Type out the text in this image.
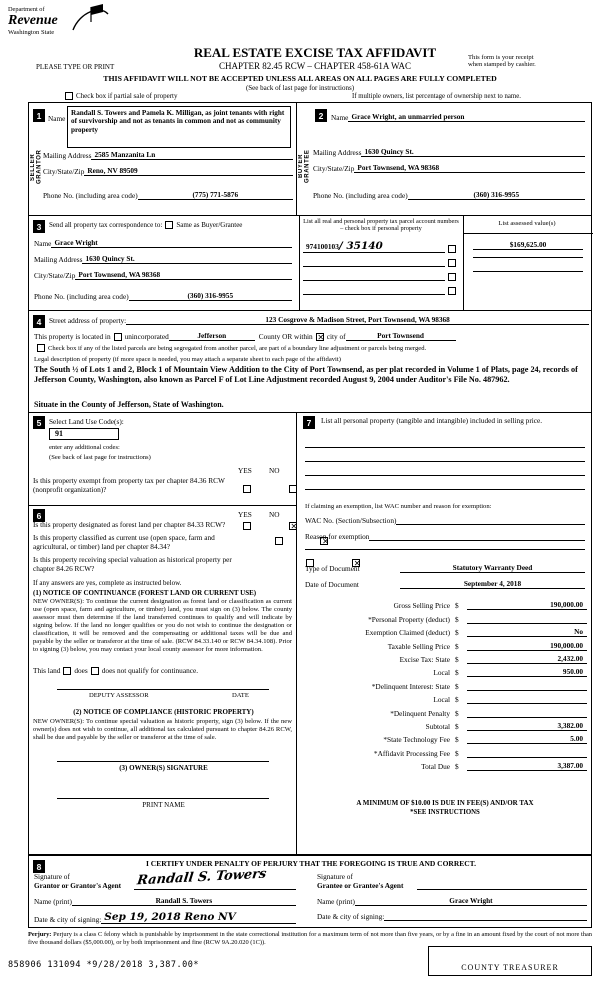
Department of
Revenue
Washington State
REAL ESTATE EXCISE TAX AFFIDAVIT
CHAPTER 82.45 RCW – CHAPTER 458-61A WAC
PLEASE TYPE OR PRINT
This form is your receipt
when stamped by cashier.
THIS AFFIDAVIT WILL NOT BE ACCEPTED UNLESS ALL AREAS ON ALL PAGES ARE FULLY COMPLETED
(See back of last page for instructions)
Check box if partial sale of property	If multiple owners, list percentage of ownership next to name.
SELLER GRANTOR
1 Name
Randall S. Towers and Pamela K. Milligan, as joint tenants with right of survivorship and not as tenants in common and not as community property
Mailing Address 2585 Manzanita Ln
City/State/Zip Reno, NV 89509
Phone No. (including area code)	(775) 771-5876
BUYER GRANTEE
2	Name Grace Wright, an unmarried person
Mailing Address 1630 Quincy St.
City/State/Zip Port Townsend, WA 98368
Phone No. (including area code)	(360) 316-9955
3	Send all property tax correspondence to: Same as Buyer/Grantee
Name Grace Wright
Mailing Address 1630 Quincy St.
City/State/Zip Port Townsend, WA 98368
Phone No. (including area code)	(360) 316-9955
List all real and personal property tax parcel account numbers – check box if personal property
974100103/ 35140
List assessed value(s)
$169,625.00
4	Street address of property:	123 Cosgrove & Madison Street, Port Townsend, WA 98368
This property is located in unincorporated	Jefferson	County OR within ✕ city of	Port Townsend
Check box if any of the listed parcels are being segregated from another parcel, are part of a boundary line adjustment or parcels being merged.
Legal description of property (if more space is needed, you may attach a separate sheet to each page of the affidavit)
The South ½ of Lots 1 and 2, Block 1 of Mountain View Addition to the City of Port Townsend, as per plat recorded in Volume 1 of Plats, page 24, records of Jefferson County, Washington, also known as Parcel F of Lot Line Adjustment recorded August 9, 2004 under Auditor's File No. 487962.
Situate in the County of Jefferson, State of Washington.
5	Select Land Use Code(s):
91
enter any additional codes:
(See back of last page for instructions)
YES NO
Is this property exempt from property tax per chapter 84.36 RCW (nonprofit organization)?

6	YES NO
Is this property designated as forest land per chapter 84.33 RCW?
✕
Is this property classified as current use (open space, farm and agricultural, or timber) land per chapter 84.34?
✕
Is this property receiving special valuation as historical property per chapter 84.26 RCW?
✕
If any answers are yes, complete as instructed below.
(1) NOTICE OF CONTINUANCE (FOREST LAND OR CURRENT USE)
NEW OWNER(S): To continue the current designation as forest land or classification as current use (open space, farm and agriculture, or timber) land, you must sign on (3) below. The county assessor must then determine if the land transferred continues to qualify and will indicate by signing below. If the land no longer qualifies or you do not wish to continue the designation or classification, it will be removed and the compensating or additional taxes will be due and payable by the seller or transferor at the time of sale. (RCW 84.33.140 or RCW 84.34.108). Prior to signing (3) below, you may contact your local county assessor for more information.
This land does does not qualify for continuance.
DEPUTY ASSESSOR	DATE
(2) NOTICE OF COMPLIANCE (HISTORIC PROPERTY)
NEW OWNER(S): To continue special valuation as historic property, sign (3) below. If the new owner(s) does not wish to continue, all additional tax calculated pursuant to chapter 84.26 RCW, shall be due and payable by the seller or transferor at the time of sale.
(3) OWNER(S) SIGNATURE
PRINT NAME
7	List all personal property (tangible and intangible) included in selling price.
If claiming an exemption, list WAC number and reason for exemption:
WAC No. (Section/Subsection)
Reason for exemption
Type of Document	Statutory Warranty Deed
Date of Document	September 4, 2018
Gross Selling Price $	190,000.00
*Personal Property (deduct) $
Exemption Claimed (deduct) $	No
Taxable Selling Price $	190,000.00
Excise Tax: State $	2,432.00
Local $	950.00
*Delinquent Interest: State $
Local $
*Delinquent Penalty $
Subtotal $	3,382.00
*State Technology Fee $	5.00
*Affidavit Processing Fee $
Total Due $	3,387.00
A MINIMUM OF $10.00 IS DUE IN FEE(S) AND/OR TAX
*SEE INSTRUCTIONS
8	I CERTIFY UNDER PENALTY OF PERJURY THAT THE FOREGOING IS TRUE AND CORRECT.
Signature of
Grantor or Grantor's Agent	Randall S. Towers	Signature of
Grantee or Grantee's Agent
Name (print)	Randall S. Towers	Name (print)	Grace Wright
Date & city of signing: Sep 19, 2018 Reno NV	Date & city of signing:
Perjury: Perjury is a class C felony which is punishable by imprisonment in the state correctional institution for a maximum term of not more than five years, or by a fine in an amount fixed by the court of not more than five thousand dollars ($5,000.00), or by both imprisonment and fine (RCW 9A.20.020 (1C)).
858906 131094 *9/28/2018 3,387.00*	COUNTY TREASURER
